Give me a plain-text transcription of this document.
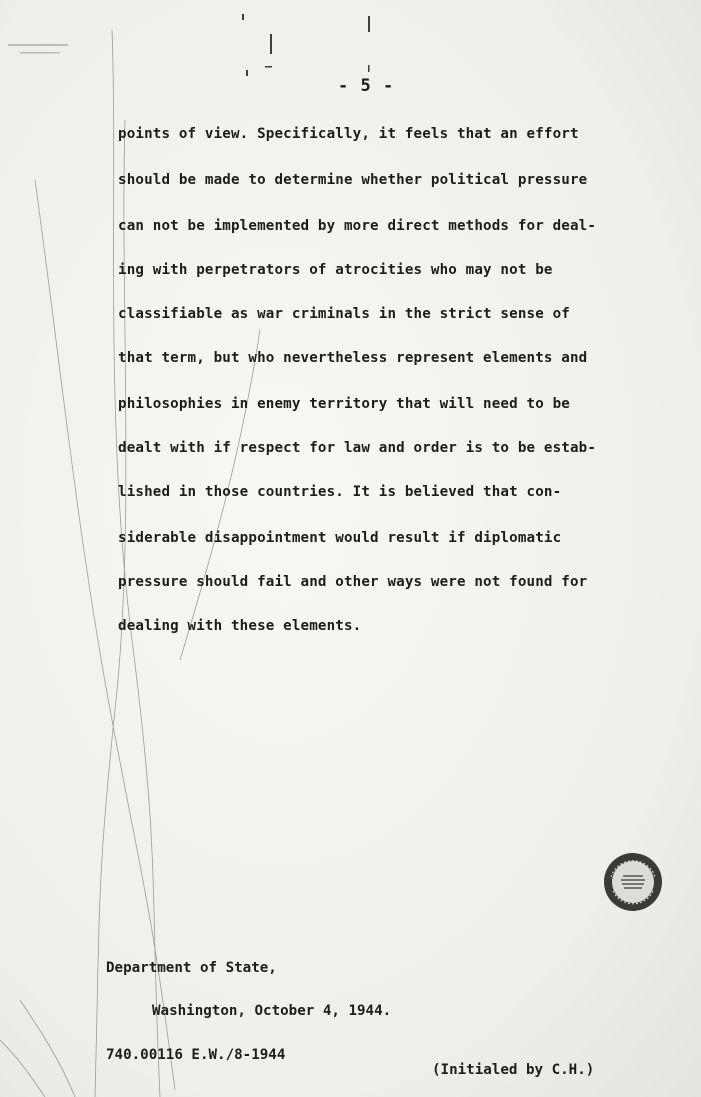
- 5 -
points of view. Specifically, it feels that an effort
should be made to determine whether political pressure
can not be implemented by more direct methods for deal-
ing with perpetrators of atrocities who may not be
classifiable as war criminals in the strict sense of
that term, but who nevertheless represent elements and
philosophies in enemy territory that will need to be
dealt with if respect for law and order is to be estab-
lished in those countries. It is believed that con-
siderable disappointment would result if diplomatic
pressure should fail and other ways were not found for
dealing with these elements.
Department of State,
Washington, October 4, 1944.
740.00116 E.W./8-1944
(Initialed by C.H.)
